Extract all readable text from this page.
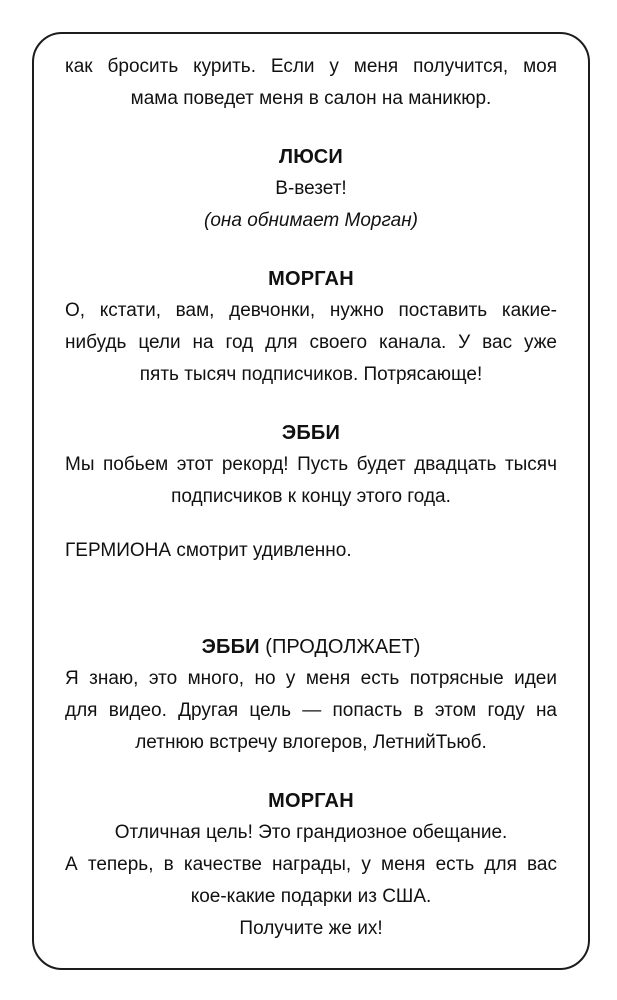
как бросить курить. Если у меня получится, моя
мама поведет меня в салон на маникюр.
ЛЮСИ
В-везет!
(она обнимает Морган)
МОРГАН
О, кстати, вам, девчонки, нужно поставить какие-
нибудь цели на год для своего канала. У вас уже
пять тысяч подписчиков. Потрясающе!
ЭББИ
Мы побьем этот рекорд! Пусть будет двадцать тысяч
подписчиков к концу этого года.
ГЕРМИОНА смотрит удивленно.
ЭББИ (ПРОДОЛЖАЕТ)
Я знаю, это много, но у меня есть потрясные идеи
для видео. Другая цель — попасть в этом году на
летнюю встречу влогеров, ЛетнийТьюб.
МОРГАН
Отличная цель! Это грандиозное обещание.
А теперь, в качестве награды, у меня есть для вас
кое-какие подарки из США.
Получите же их!
